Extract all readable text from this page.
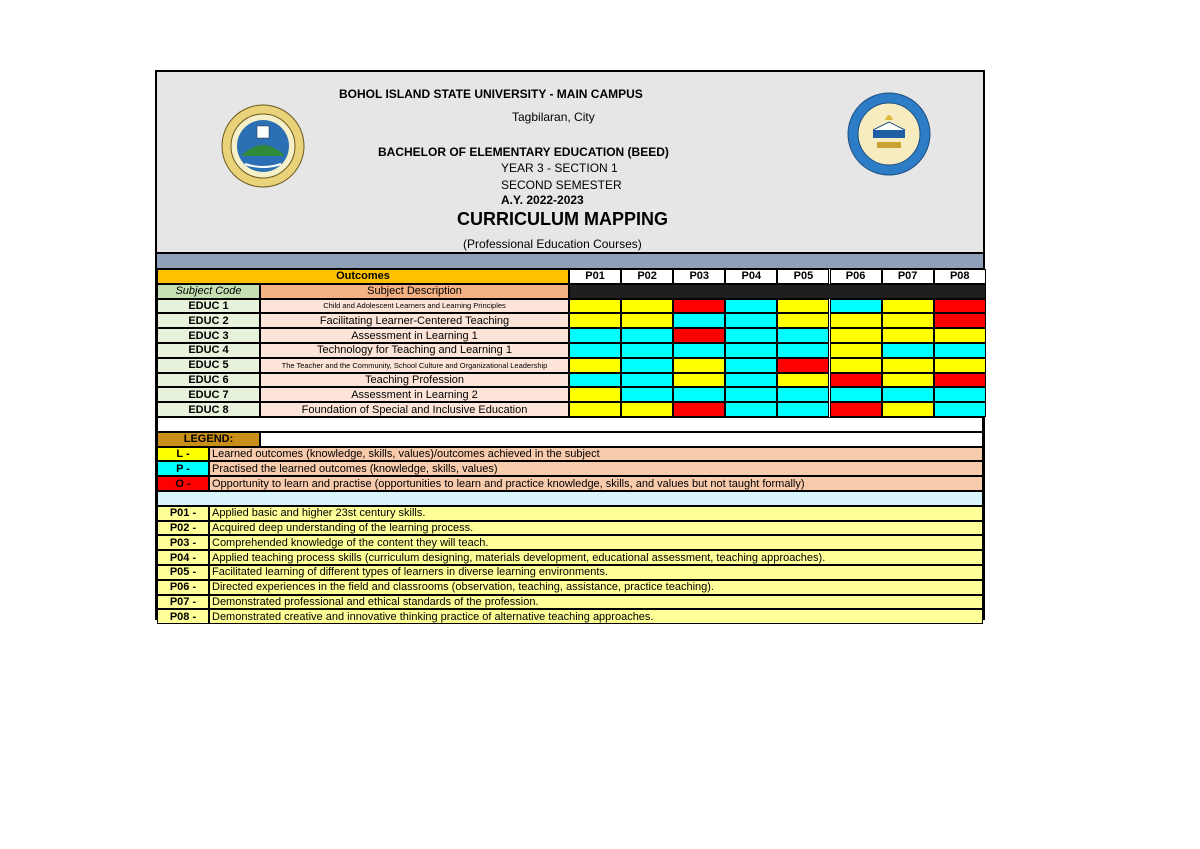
BOHOL ISLAND STATE UNIVERSITY - MAIN CAMPUS
Tagbilaran, City
BACHELOR OF ELEMENTARY EDUCATION (BEED)
YEAR 3 - SECTION 1
SECOND SEMESTER
A.Y. 2022-2023
CURRICULUM MAPPING
(Professional Education Courses)
Outcomes	P01	P02	P03	P04	P05	P06	P07	P08
Subject Code	Subject Description
EDUC 1	Child and Adolescent Learners and Learning Principles
EDUC 2	Facilitating Learner-Centered Teaching
EDUC 3	Assessment in Learning 1
EDUC 4	Technology for Teaching and Learning 1
EDUC 5	The Teacher and the Community, School Culture and Organizational Leadership
EDUC 6	Teaching Profession
EDUC 7	Assessment in Learning 2
EDUC 8	Foundation of Special and Inclusive Education
LEGEND:
L -	Learned outcomes (knowledge, skills, values)/outcomes achieved in the subject
P -	Practised the learned outcomes (knowledge, skills, values)
O -	Opportunity to learn and practise (opportunities to learn and practice knowledge, skills, and values but not taught formally)
P01 -	Applied basic and higher 23st century skills.
P02 -	Acquired deep understanding of the learning process.
P03 -	Comprehended knowledge of the content they will teach.
P04 -	Applied teaching process skills (curriculum designing, materials development, educational assessment, teaching approaches).
P05 -	Facilitated learning of different types of learners in diverse learning environments.
P06 -	Directed experiences in the field and classrooms (observation, teaching, assistance, practice teaching).
P07 -	Demonstrated professional and ethical standards of the profession.
P08 -	Demonstrated creative and innovative thinking practice of alternative teaching approaches.
